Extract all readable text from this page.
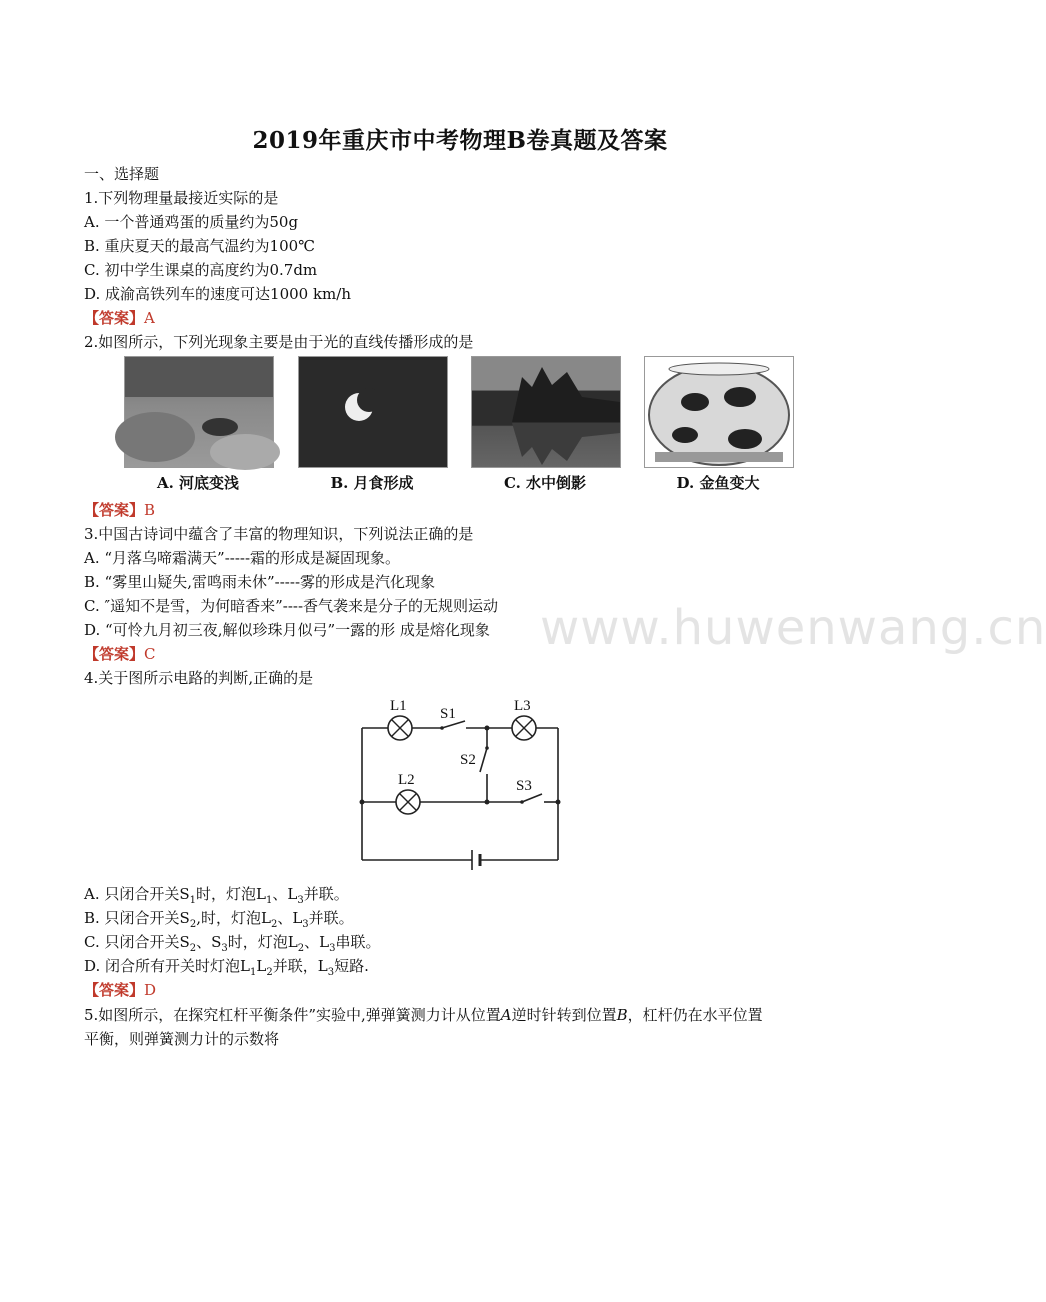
2019年重庆市中考物理B卷真题及答案
一、选择题
1.下列物理量最接近实际的是
A. 一个普通鸡蛋的质量约为50g
B. 重庆夏天的最高气温约为100℃
C. 初中学生课桌的高度约为0.7dm
D. 成渝高铁列车的速度可达1000 km/h
【答案】A
2.如图所示，下列光现象主要是由于光的直线传播形成的是
A. 河底变浅	B. 月食形成	C. 水中倒影	D. 金鱼变大
【答案】B
3.中国古诗词中蕴含了丰富的物理知识，下列说法正确的是
A. “月落乌啼霜满天”-----霜的形成是凝固现象。
B. “雾里山疑失,雷鸣雨未休”-----雾的形成是汽化现象
C. ″遥知不是雪，为何暗香来”----香气袭来是分子的无规则运动
D. “可怜九月初三夜,解似珍珠月似弓”一露的形 成是熔化现象 www.huwenwang.cn
【答案】C
4.关于图所示电路的判断,正确的是
L1 S1	L3
S2
L2	S3
A. 只闭合开关$S_1$时，灯泡$L_1$、$L_3$并联。
B. 只闭合开关$S_2$,时，灯泡$L_2$、$L_3$并联。
C. 只闭合开关$S_2$、$S_3$时，灯泡$L_2$、$L_3$串联。
D. 闭合所有开关时灯泡$L_1L_2$并联，$L_3$短路.
【答案】D
5.如图所示，在探究杠杆平衡条件”实验中,弹弹簧测力计从位置A逆时针转到位置B，杠杆仍在水平位置
平衡，则弹簧测力计的示数将
